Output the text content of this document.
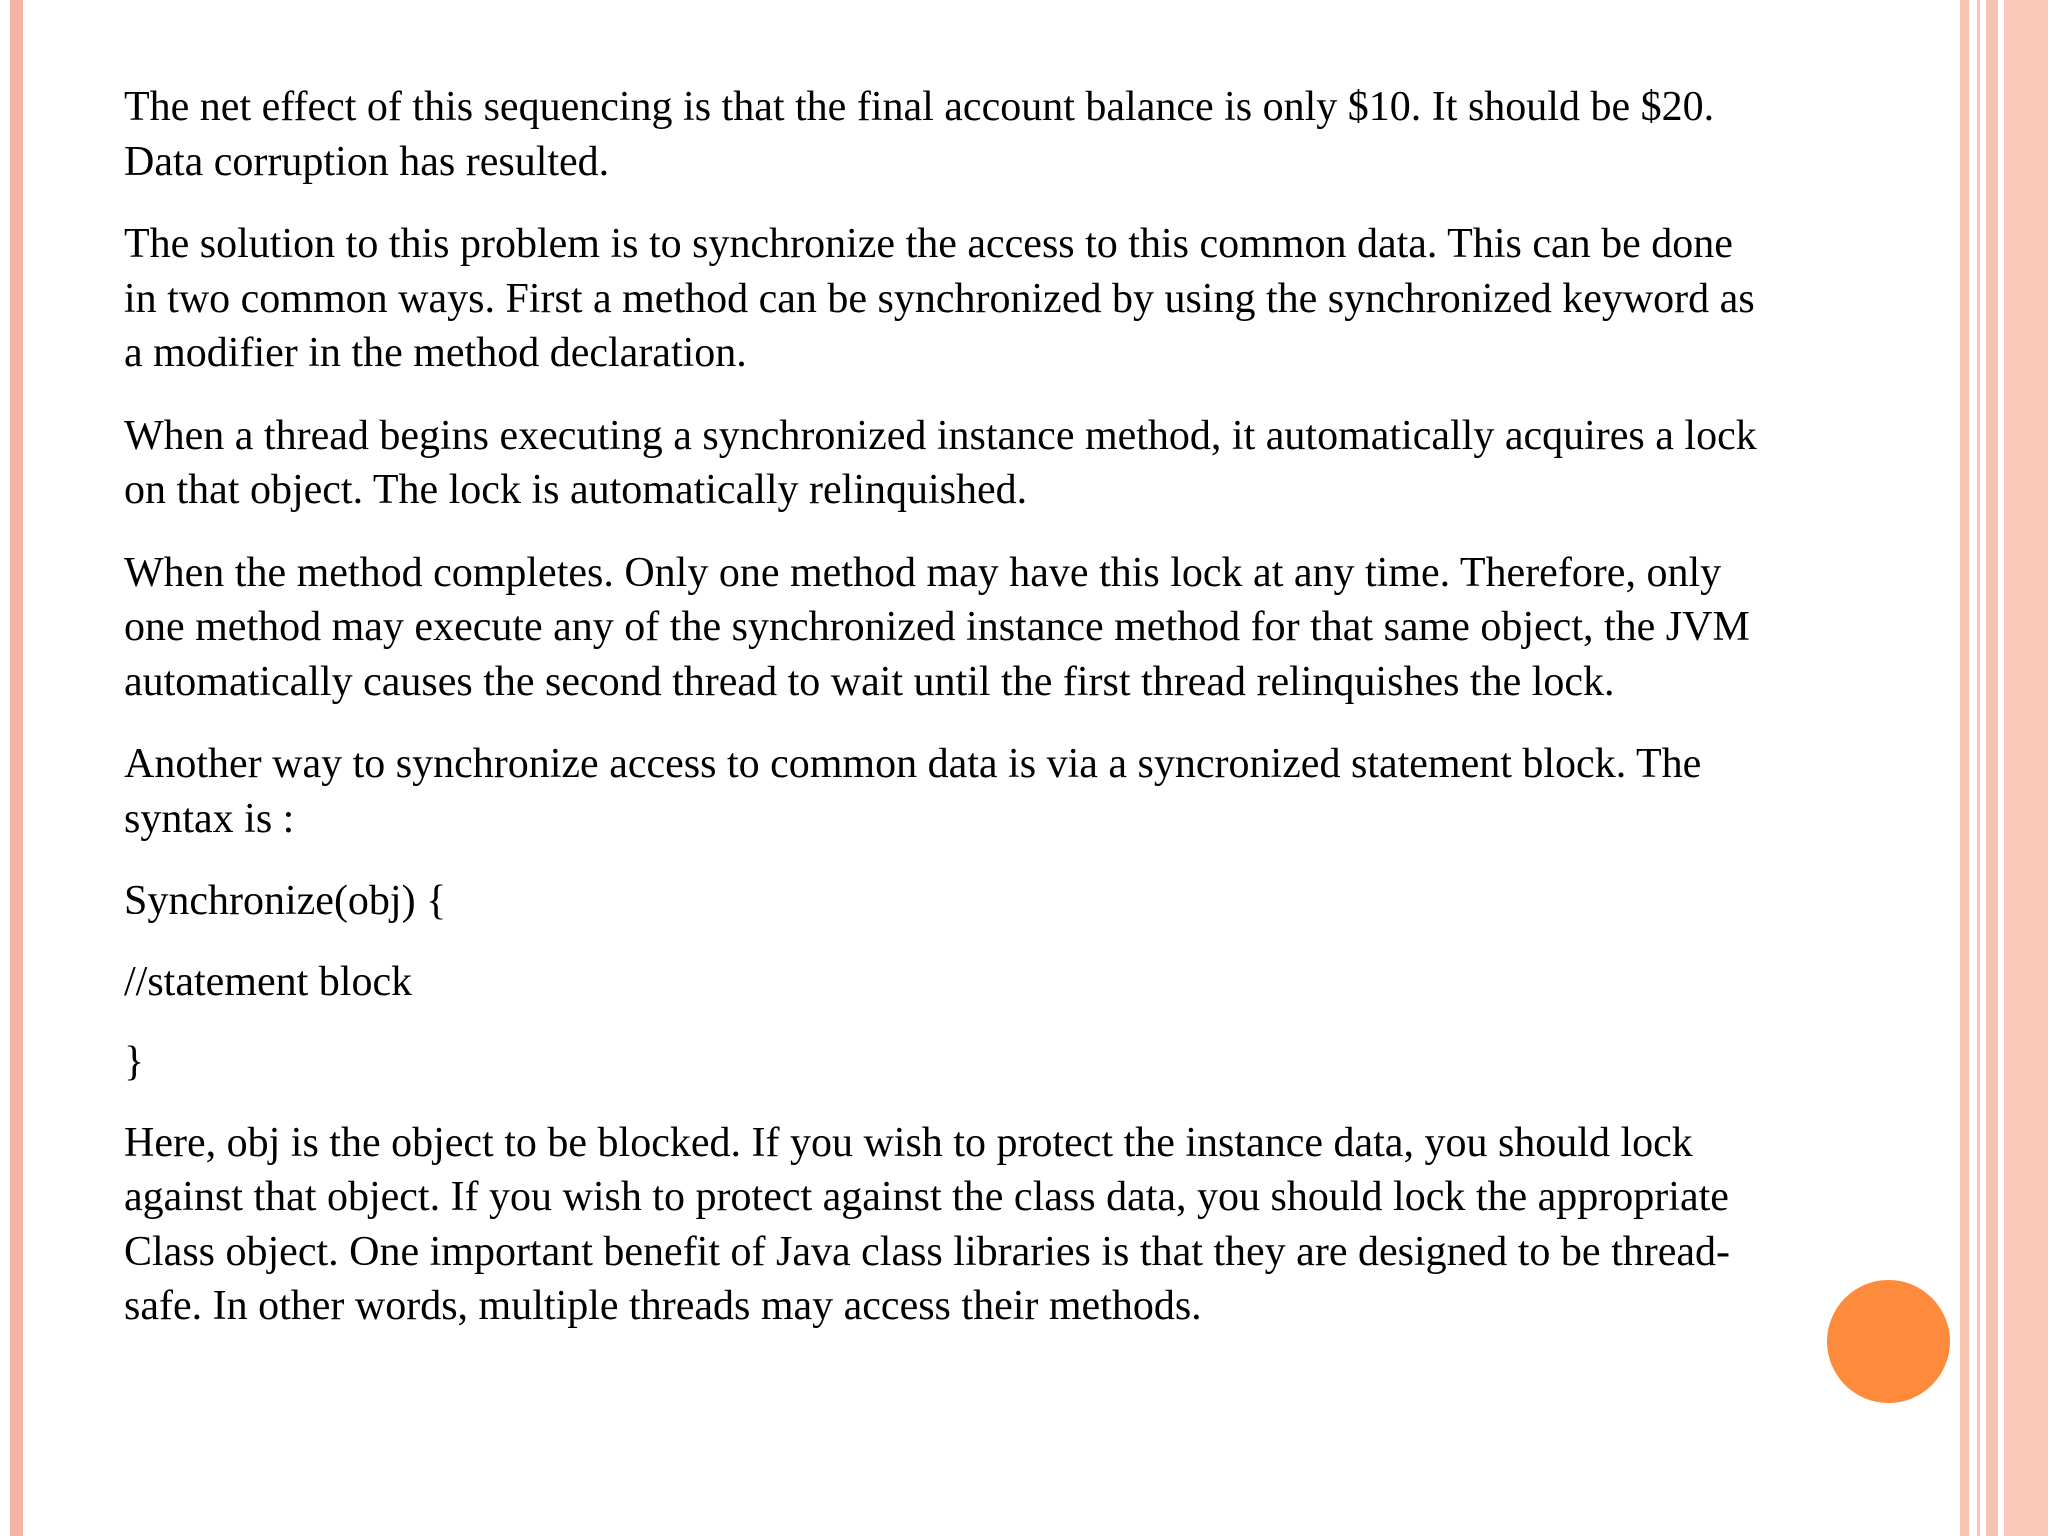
The net effect of this sequencing is that the final account balance is only $10. It should be $20.
Data corruption has resulted.

The solution to this problem is to synchronize the access to this common data. This can be done
in two common ways. First a method can be synchronized by using the synchronized keyword as
a modifier in the method declaration.

When a thread begins executing a synchronized instance method, it automatically acquires a lock
on that object. The lock is automatically relinquished.

When the method completes. Only one method may have this lock at any time. Therefore, only
one method may execute any of the synchronized instance method for that same object, the JVM
automatically causes the second thread to wait until the first thread relinquishes the lock.

Another way to synchronize access to common data is via a syncronized statement block. The
syntax is :

Synchronize(obj) {

//statement block

}

Here, obj is the object to be blocked. If you wish to protect the instance data, you should lock
against that object. If you wish to protect against the class data, you should lock the appropriate
Class object. One important benefit of Java class libraries is that they are designed to be thread-
safe. In other words, multiple threads may access their methods.
